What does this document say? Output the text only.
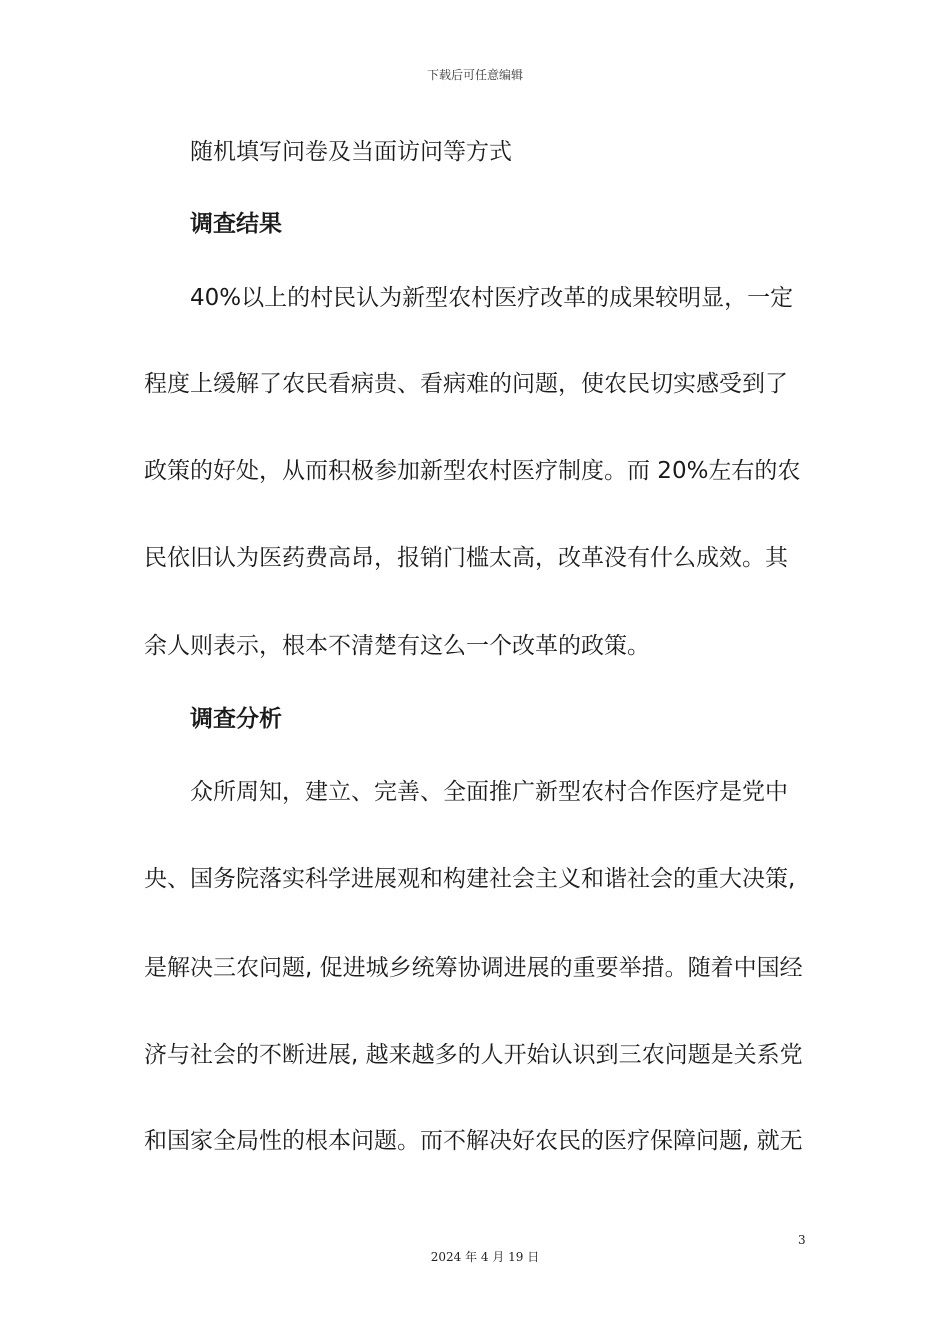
下载后可任意编辑
随机填写问卷及当面访问等方式
调查结果
40%以上的村民认为新型农村医疗改革的成果较明显，一定
程度上缓解了农民看病贵、看病难的问题，使农民切实感受到了
政策的好处，从而积极参加新型农村医疗制度。而 20%左右的农
民依旧认为医药费高昂，报销门槛太高，改革没有什么成效。其
余人则表示，根本不清楚有这么一个改革的政策。
调查分析
众所周知，建立、完善、全面推广新型农村合作医疗是党中
央、国务院落实科学进展观和构建社会主义和谐社会的重大决策,
是解决三农问题, 促进城乡统筹协调进展的重要举措。随着中国经
济与社会的不断进展, 越来越多的人开始认识到三农问题是关系党
和国家全局性的根本问题。而不解决好农民的医疗保障问题, 就无
3
2024 年 4 月 19 日
